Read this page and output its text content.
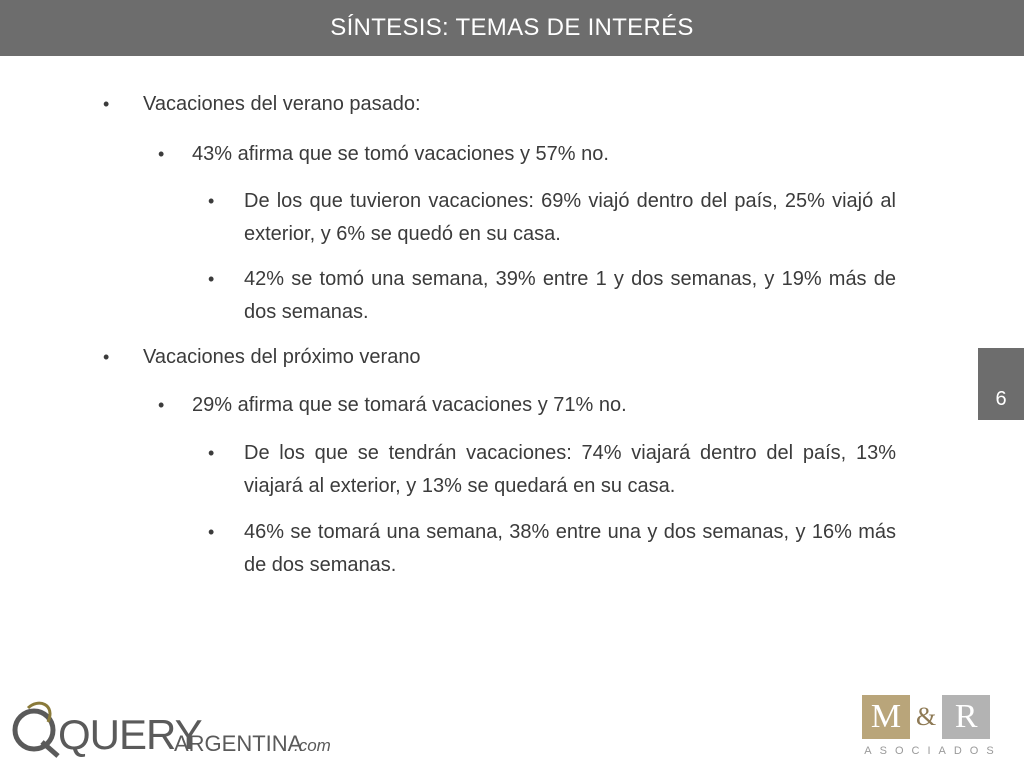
SÍNTESIS: TEMAS DE INTERÉS
6
• Vacaciones del verano pasado:
• 43% afirma que se tomó vacaciones y 57% no.
• De los que tuvieron vacaciones: 69% viajó dentro del país, 25% viajó al exterior, y 6% se quedó en su casa.
• 42% se tomó una semana, 39% entre 1 y dos semanas, y 19% más de dos semanas.
• Vacaciones del próximo verano
• 29% afirma que se tomará vacaciones y 71% no.
• De los que se tendrán vacaciones: 74% viajará dentro del país, 13% viajará al exterior, y 13% se quedará en su casa.
• 46% se tomará una semana, 38% entre una y dos semanas, y 16% más de dos semanas.
QUERY
ARGENTINA
.com
M & R
ASOCIADOS
